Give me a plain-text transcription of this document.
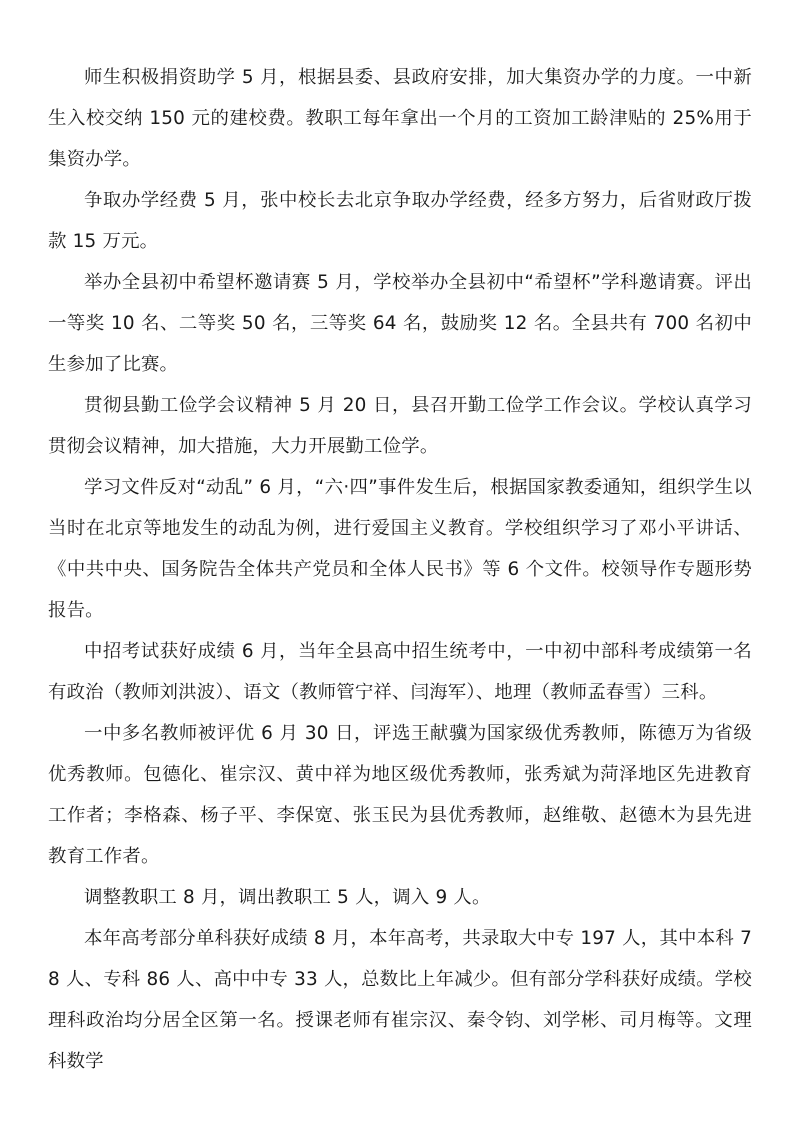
师生积极捐资助学 5 月，根据县委、县政府安排，加大集资办学的力度。一中新生入校交纳 150 元的建校费。教职工每年拿出一个月的工资加工龄津贴的 25%用于集资办学。

争取办学经费 5 月，张中校长去北京争取办学经费，经多方努力，后省财政厅拨款 15 万元。

举办全县初中希望杯邀请赛 5 月，学校举办全县初中“希望杯”学科邀请赛。评出一等奖 10 名、二等奖 50 名，三等奖 64 名，鼓励奖 12 名。全县共有 700 名初中生参加了比赛。

贯彻县勤工俭学会议精神 5 月 20 日，县召开勤工俭学工作会议。学校认真学习贯彻会议精神，加大措施，大力开展勤工俭学。

学习文件反对“动乱” 6 月，“六·四”事件发生后，根据国家教委通知，组织学生以当时在北京等地发生的动乱为例，进行爱国主义教育。学校组织学习了邓小平讲话、《中共中央、国务院告全体共产党员和全体人民书》等 6 个文件。校领导作专题形势报告。

中招考试获好成绩 6 月，当年全县高中招生统考中，一中初中部科考成绩第一名有政治（教师刘洪波）、语文（教师管宁祥、闫海军）、地理（教师孟春雪）三科。

一中多名教师被评优 6 月 30 日，评选王献骥为国家级优秀教师，陈德万为省级优秀教师。包德化、崔宗汉、黄中祥为地区级优秀教师，张秀斌为菏泽地区先进教育工作者；李格森、杨子平、李保宽、张玉民为县优秀教师，赵维敬、赵德木为县先进教育工作者。

调整教职工 8 月，调出教职工 5 人，调入 9 人。

本年高考部分单科获好成绩 8 月，本年高考，共录取大中专 197 人，其中本科 78 人、专科 86 人、高中中专 33 人，总数比上年减少。但有部分学科获好成绩。学校理科政治均分居全区第一名。授课老师有崔宗汉、秦令钧、刘学彬、司月梅等。文理科数学
